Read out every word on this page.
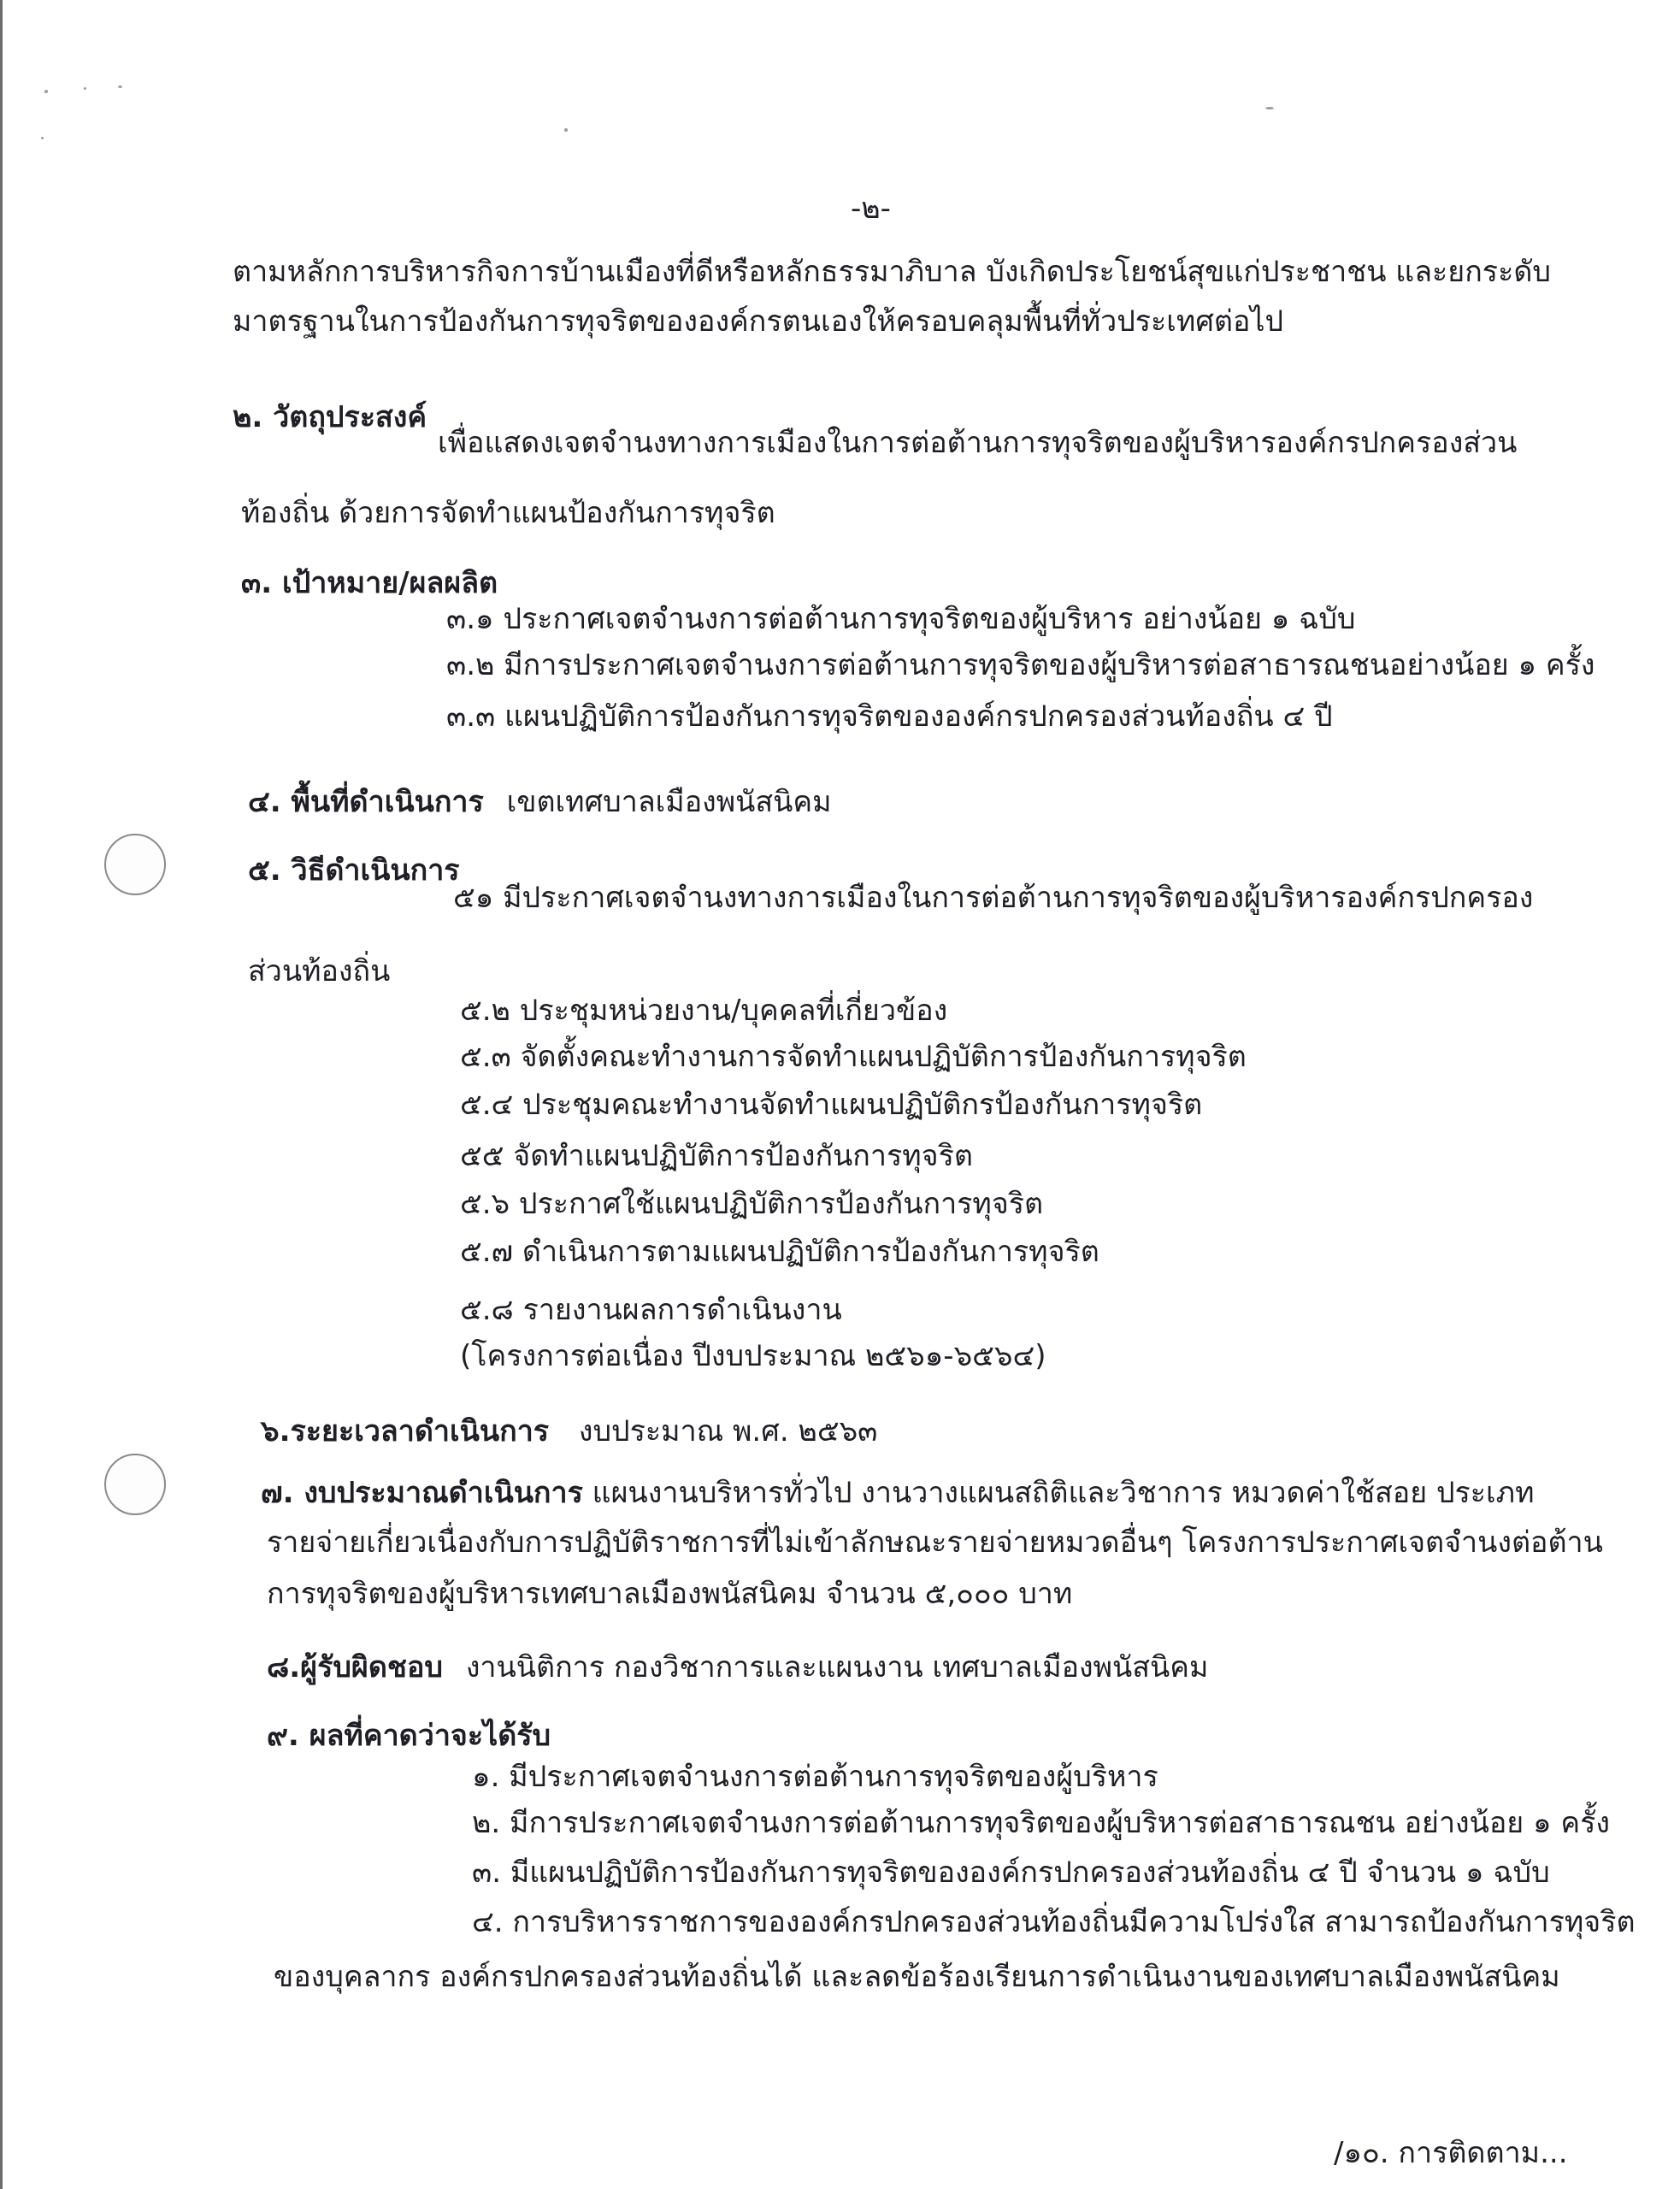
-๒-
ตามหลักการบริหารกิจการบ้านเมืองที่ดีหรือหลักธรรมาภิบาล บังเกิดประโยชน์สุขแก่ประชาชน และยกระดับ
มาตรฐานในการป้องกันการทุจริตขององค์กรตนเองให้ครอบคลุมพื้นที่ทั่วประเทศต่อไป
๒. วัตถุประสงค์
เพื่อแสดงเจตจำนงทางการเมืองในการต่อต้านการทุจริตของผู้บริหารองค์กรปกครองส่วน
ท้องถิ่น ด้วยการจัดทำแผนป้องกันการทุจริต
๓. เป้าหมาย/ผลผลิต
๓.๑ ประกาศเจตจำนงการต่อต้านการทุจริตของผู้บริหาร อย่างน้อย ๑ ฉบับ
๓.๒ มีการประกาศเจตจำนงการต่อต้านการทุจริตของผู้บริหารต่อสาธารณชนอย่างน้อย ๑ ครั้ง
๓.๓ แผนปฏิบัติการป้องกันการทุจริตขององค์กรปกครองส่วนท้องถิ่น ๔ ปี
๔. พื้นที่ดำเนินการ เขตเทศบาลเมืองพนัสนิคม
๕. วิธีดำเนินการ
๕๑ มีประกาศเจตจำนงทางการเมืองในการต่อต้านการทุจริตของผู้บริหารองค์กรปกครอง
ส่วนท้องถิ่น
๕.๒ ประชุมหน่วยงาน/บุคคลที่เกี่ยวข้อง
๕.๓ จัดตั้งคณะทำงานการจัดทำแผนปฏิบัติการป้องกันการทุจริต
๕.๔ ประชุมคณะทำงานจัดทำแผนปฏิบัติกรป้องกันการทุจริต
๕๕ จัดทำแผนปฏิบัติการป้องกันการทุจริต
๕.๖ ประกาศใช้แผนปฏิบัติการป้องกันการทุจริต
๕.๗ ดำเนินการตามแผนปฏิบัติการป้องกันการทุจริต
๕.๘ รายงานผลการดำเนินงาน
(โครงการต่อเนื่อง ปีงบประมาณ ๒๕๖๑-๖๕๖๔)
๖.ระยะเวลาดำเนินการ งบประมาณ พ.ศ. ๒๕๖๓
๗. งบประมาณดำเนินการ แผนงานบริหารทั่วไป งานวางแผนสถิติและวิชาการ หมวดค่าใช้สอย ประเภท
รายจ่ายเกี่ยวเนื่องกับการปฏิบัติราชการที่ไม่เข้าลักษณะรายจ่ายหมวดอื่นๆ โครงการประกาศเจตจำนงต่อต้าน
การทุจริตของผู้บริหารเทศบาลเมืองพนัสนิคม จำนวน ๕,๐๐๐ บาท
๘.ผู้รับผิดชอบ งานนิติการ กองวิชาการและแผนงาน เทศบาลเมืองพนัสนิคม
๙. ผลที่คาดว่าจะได้รับ
๑. มีประกาศเจตจำนงการต่อต้านการทุจริตของผู้บริหาร
๒. มีการประกาศเจตจำนงการต่อต้านการทุจริตของผู้บริหารต่อสาธารณชน อย่างน้อย ๑ ครั้ง
๓. มีแผนปฏิบัติการป้องกันการทุจริตขององค์กรปกครองส่วนท้องถิ่น ๔ ปี จำนวน ๑ ฉบับ
๔. การบริหารราชการขององค์กรปกครองส่วนท้องถิ่นมีความโปร่งใส สามารถป้องกันการทุจริต
ของบุคลากร องค์กรปกครองส่วนท้องถิ่นได้ และลดข้อร้องเรียนการดำเนินงานของเทศบาลเมืองพนัสนิคม
/๑๐. การติดตาม...
